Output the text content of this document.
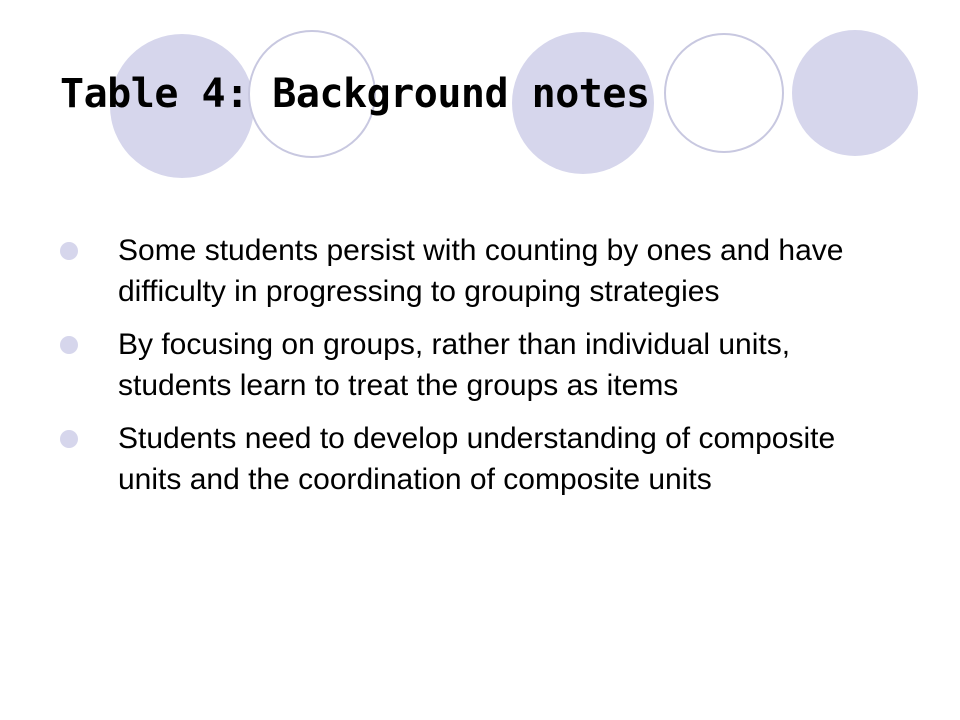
Table 4: Background notes
Some students persist with counting by ones and have difficulty in progressing to grouping strategies
By focusing on groups, rather than individual units, students learn to treat the groups as items
Students need to develop understanding of composite units and the coordination of composite units
